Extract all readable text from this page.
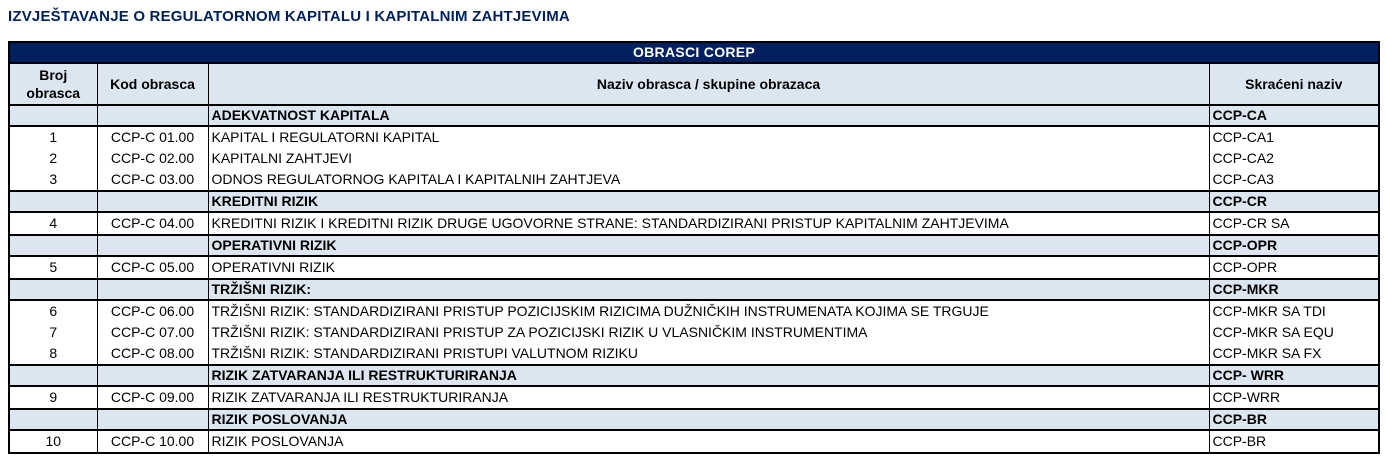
IZVJEŠTAVANJE O REGULATORNOM KAPITALU I KAPITALNIM ZAHTJEVIMA
OBRASCI COREP			
Broj obrasca	Kod obrasca	Naziv obrasca / skupine obrazaca	Skraćeni naziv
		ADEKVATNOST KAPITALA	CCP-CA
1	CCP-C 01.00	KAPITAL I REGULATORNI KAPITAL	CCP-CA1
2	CCP-C 02.00	KAPITALNI ZAHTJEVI	CCP-CA2
3	CCP-C 03.00	ODNOS REGULATORNOG KAPITALA I KAPITALNIH ZAHTJEVA	CCP-CA3
		KREDITNI RIZIK	CCP-CR
4	CCP-C 04.00	KREDITNI RIZIK I KREDITNI RIZIK DRUGE UGOVORNE STRANE: STANDARDIZIRANI PRISTUP KAPITALNIM ZAHTJEVIMA	CCP-CR SA
		OPERATIVNI RIZIK	CCP-OPR
5	CCP-C 05.00	OPERATIVNI RIZIK	CCP-OPR
		TRŽIŠNI RIZIK:	CCP-MKR
6	CCP-C 06.00	TRŽIŠNI RIZIK: STANDARDIZIRANI PRISTUP POZICIJSKIM RIZICIMA DUŽNIČKIH INSTRUMENATA KOJIMA SE TRGUJE	CCP-MKR SA TDI
7	CCP-C 07.00	TRŽIŠNI RIZIK: STANDARDIZIRANI PRISTUP ZA POZICIJSKI RIZIK U VLASNIČKIM INSTRUMENTIMA	CCP-MKR SA EQU
8	CCP-C 08.00	TRŽIŠNI RIZIK: STANDARDIZIRANI PRISTUPI VALUTNOM RIZIKU	CCP-MKR SA FX
		RIZIK ZATVARANJA ILI RESTRUKTURIRANJA	CCP- WRR
9	CCP-C 09.00	RIZIK ZATVARANJA ILI RESTRUKTURIRANJA	CCP-WRR
		RIZIK POSLOVANJA	CCP-BR
10	CCP-C 10.00	RIZIK POSLOVANJA	CCP-BR
